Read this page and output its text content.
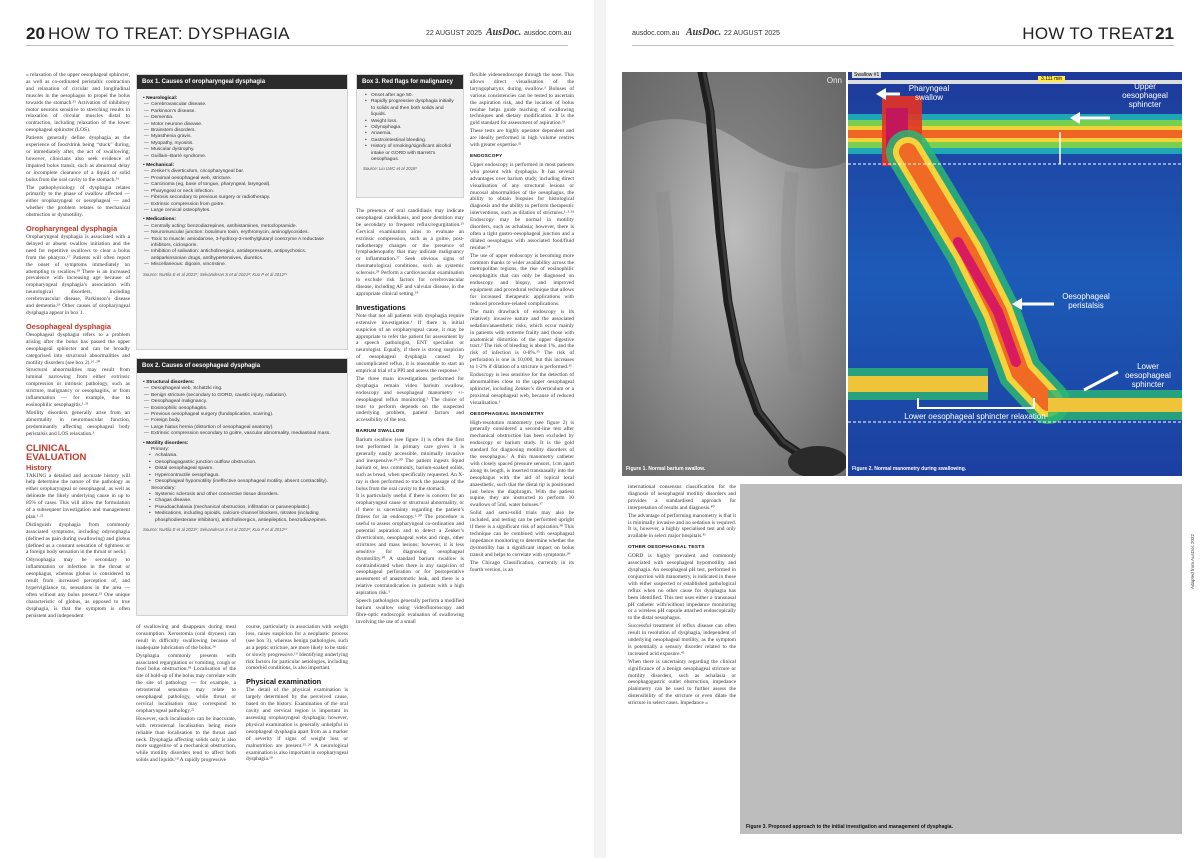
20 HOW TO TREAT: DYSPHAGIA	22 AUGUST 2025 AusDoc. ausdoc.com.au

« relaxation of the upper oesophageal sphincter, as well as co-ordinated peristaltic contraction and relaxation of circular and longitudinal muscles in the oesophagus to propel the bolus towards the stomach.¹⁵ Activation of inhibitory motor neurons sensitive to stretching results in relaxation of circular muscles distal to contraction, including relaxation of the lower oesophageal sphincter (LOS).

Patients generally define dysphagia as the experience of food/drink being “stuck” during, or immediately after, the act of swallowing; however, clinicians also seek evidence of impaired bolus transit, such as abnormal delay or incomplete clearance of a liquid or solid bolus from the oral cavity to the stomach.¹⁶

The pathophysiology of dysphagia relates primarily to the phase of swallow affected — either oropharyngeal or oesophageal — and whether the problem relates to mechanical obstruction or dysmotility.

Oropharyngeal dysphagia

Oropharyngeal dysphagia is associated with a delayed or absent swallow initiation and the need for repetitive swallows to clear a bolus from the pharynx.¹⁷ Patients will often report the onset of symptoms immediately on attempting to swallow.¹⁸ There is an increased prevalence with increasing age because of oropharyngeal dysphagia’s association with neurological disorders, including cerebrovascular disease, Parkinson’s disease and dementia.¹⁹ Other causes of oropharyngeal dysphagia appear in box 1.

Oesophageal dysphagia

Oesophageal dysphagia refers to a problem arising after the bolus has passed the upper oesophageal sphincter and can be broadly categorised into structural abnormalities and motility disorders (see box 2).¹⁶·²⁰

Structural abnormalities may result from luminal narrowing from either extrinsic compression or intrinsic pathology, such as stricture, malignancy or oesophagitis, or from inflammation — for example, due to eosinophilic oesophagitis.¹·²¹

Motility disorders generally arise from an abnormality in neuromuscular function, predominantly affecting oesophageal body peristalsis and LOS relaxation.²

CLINICAL
EVALUATION
History

TAKING a detailed and accurate history will help determine the nature of the pathology as either oropharyngeal or oesophageal, as well as delineate the likely underlying cause in up to 85% of cases. This will allow the formulation of a subsequent investigation and management plan.¹·²²

Distinguish dysphagia from commonly associated symptoms, including odynophagia (defined as pain during swallowing) and globus (defined as a constant sensation of tightness or a foreign body sensation in the throat or neck).

Odynophagia may be secondary to inflammation or infection in the throat or oesophagus, whereas globus is considered to result from increased perception of, and hypervigilance to, sensations in the area — often without any bolus present.²³ One unique characteristic of globus, as opposed to true dysphagia, is that the symptom is often persistent and independent

Box 1. Causes of oropharyngeal dysphagia
• Neurological:
— Cerebrovascular disease.
— Parkinson’s disease.
— Dementia.
— Motor neurone disease.
— Brainstem disorders.
— Myasthenia gravis.
— Myopathy, myositis.
— Muscular dystrophy.
— Guillain–Barré syndrome.
• Mechanical:
— Zenker’s diverticulum, cricopharyngeal bar.
— Proximal oesophageal web, stricture.
— Carcinoma (eg, base of tongue, pharyngeal, laryngeal).
— Pharyngeal or neck infection.
— Fibrosis secondary to previous surgery or radiotherapy.
— Extrinsic compression from goitre.
— Large cervical osteophytes.
• Medications:
— Centrally acting: benzodiazepines, antihistamines, metoclopramide.
— Neuromuscular junction: botulinum toxin, erythromycin, aminoglycosides.
— Toxic to muscle: amiodarone, 3-hydroxy-3-methylglutaryl coenzyme A reductase inhibitors, ciclosporin.
— Inhibition of salivation: anticholinergics, antidepressants, antipsychotics, antiparkinsonian drugs, antihypertensives, diuretics.
— Miscellaneous: digoxin, vincristine.
Source: Nurtila E et al 2023⁹; Selvanderan S et al 2021⁸; Kuo P et al 2012¹⁹
Box 2. Causes of oesophageal dysphagia
• Structural disorders:
— Oesophageal web, Schatzki ring.
— Benign stricture (secondary to GORD, caustic injury, radiation).
— Oesophageal malignancy.
— Eosinophilic oesophagitis.
— Previous oesophageal surgery (fundoplication, scarring).
— Foreign body.
— Large hiatus hernia (distortion of oesophageal anatomy).
— Extrinsic compression secondary to goitre, vascular abnormality, mediastinal mass.
• Motility disorders:
Primary:
• Achalasia.
• Oesophagogastric junction outflow obstruction.
• Distal oesophageal spasm.
• Hypercontractile oesophagus.
• Oesophageal hypomotility (ineffective oesophageal motility, absent contractility).
Secondary:
• Systemic sclerosis and other connective tissue disorders.
• Chagas disease.
• Pseudoachalasia (mechanical obstruction, infiltration or paraneoplastic).
• Medications, including opioids, calcium-channel blockers, nitrates (including phosphodiesterase inhibitors), anticholinergics, antiepileptics, benzodiazepines.
Source: Nurtila E et al 2023⁹; Selvanderan S et al 2021⁸; Kuo P et al 2012¹⁹

of swallowing and disappears during meal consumption. Xerostomia (oral dryness) can result in difficulty swallowing because of inadequate lubrication of the bolus.²⁴

Dysphagia commonly presents with associated regurgitation or vomiting, cough or food bolus obstruction.¹⁸ Localisation of the site of hold-up of the bolus may correlate with the site of pathology — for example, a retrosternal sensation may relate to oesophageal pathology, while throat or cervical localisation may correspond to oropharyngeal pathology.²²

However, such localisation can be inaccurate, with retrosternal localisation being more reliable than localisation to the throat and neck. Dysphagia affecting solids only is also more suggestive of a mechanical obstruction, while motility disorders tend to affect both solids and liquids.¹⁸ A rapidly progressive

course, particularly in association with weight loss, raises suspicion for a neoplastic process (see box 3). whereas benign pathologies, such as a peptic stricture, are more likely to be static or slowly progressive.¹⁶ Identifying underlying risk factors for particular aetiologies, including comorbid conditions, is also important.

Physical examination

The detail of the physical examination is largely determined by the perceived cause, based on the history. Examination of the oral cavity and cervical region is important in assessing oropharyngeal dysphagia; however, physical examination is generally unhelpful in oesophageal dysphagia apart from as a marker of severity if signs of weight loss or malnutrition are present.²⁵·²⁶ A neurological examination is also important in oropharyngeal dysphagia.¹⁸

Box 3. Red flags for malignancy
• Onset after age 50.
• Rapidly progressive dysphagia initially to solids and then both solids and liquids.
• Weight loss.
• Odynophagia.
• Anaemia.
• Gastrointestinal bleeding.
• History of smoking/significant alcohol intake or GORD with Barrett’s oesophagus.
Source: Liu LWC et al 2018³

The presence of oral candidiasis may indicate oesophageal candidiasis, and poor dentition may be secondary to frequent reflux/regurgitation.²⁵ Cervical examination aims to evaluate an extrinsic compression, such as a goitre, post-radiotherapy changes or the presence of lymphadenopathy that may indicate malignancy or inflammation.²⁷ Seek obvious signs of rheumatological conditions, such as systemic sclerosis.²⁸ Perform a cardiovascular examination to exclude risk factors for cerebrovascular disease, including AF and valvular disease, in the appropriate clinical setting.¹⁸

Investigations

Note that not all patients with dysphagia require extensive investigation.¹ If there is initial suspicion of an oropharyngeal cause, it may be appropriate to refer the patient for assessment by a speech pathologist, ENT specialist or neurologist. Equally, if there is strong suspicion of oesophageal dysphagia caused by uncomplicated reflux, it is reasonable to start an empirical trial of a PPI and assess the response.¹

The three main investigations performed for dysphagia remain video barium swallow, endoscopy and oesophageal manometry +/- oesophageal reflux monitoring.¹ The choice of tests to perform depends on the suspected underlying problem, patient factors and accessibility of the test.

BARIUM SWALLOW

Barium swallow (see figure 1) is often the first test performed in primary care given it is generally easily accessible, minimally invasive and inexpensive.²⁹·³⁰ The patient ingests liquid barium or, less commonly, barium-soaked solids, such as bread, when specifically requested. An X-ray is then performed to track the passage of the bolus from the oral cavity to the stomach.

It is particularly useful if there is concern for an oropharyngeal cause or structural abnormality, or if there is uncertainty regarding the patient’s fitness for an endoscopy.¹·³⁰ The procedure is useful to assess oropharyngeal co-ordination and potential aspiration and to detect a Zenker’s diverticulum, oesophageal webs and rings, other strictures and mass lesions; however, it is less sensitive for diagnosing oesophageal dysmotility.³⁰ A standard barium swallow is contraindicated when there is any suspicion of oesophageal perforation or for postoperative assessment of anastomotic leak, and there is a relative contraindication in patients with a high aspiration risk.³

Speech pathologists generally perform a modified barium swallow using videofluoroscopy and fibre-optic endoscopic evaluation of swallowing involving the use of a small

flexible videoendoscope through the nose. This allows direct visualisation of the laryngopharynx during swallow.³ Boluses of various consistencies can be tested to ascertain the aspiration risk, and the location of bolus residue helps guide teaching of swallowing techniques and dietary modification. It is the gold standard for assessment of aspiration.³¹

These tests are highly operator dependent and are ideally performed in high volume centres with greater expertise.³²

ENDOSCOPY

Upper endoscopy is performed in most patients who present with dysphagia. It has several advantages over barium study, including direct visualisation of any structural lesions or mucosal abnormalities of the oesophagus, the ability to obtain biopsies for histological diagnosis and the ability to perform therapeutic interventions, such as dilation of strictures.¹·³·³³ Endoscopy may be normal in motility disorders, such as achalasia; however, there is often a tight gastro-oesophageal junction and a dilated oesophagus with associated food/fluid residue.³⁴

The use of upper endoscopy is becoming more common thanks to wider availability across the metropolitan regions, the rise of eosinophilic oesophagitis that can only be diagnosed on endoscopy and biopsy, and improved equipment and procedural technique that allows for increased therapeutic applications with reduced procedure-related complications.

The main drawback of endoscopy is its relatively invasive nature and the associated sedation/anaesthetic risks, which occur mainly in patients with extreme frailty and those with anatomical distortion of the upper digestive tract.³ The risk of bleeding is about 1%, and the risk of infection is 0-8%.³⁵ The risk of perforation is one in 10,000, but this increases to 1-2% if dilation of a stricture is performed.³⁶

Endoscopy is less sensitive for the detection of abnormalities close to the upper oesophageal sphincter, including Zenker’s diverticulum or a proximal oesophageal web, because of reduced visualisation.³

OESOPHAGEAL MANOMETRY

High-resolution manometry (see figure 2) is generally considered a second-line test after mechanical obstruction has been excluded by endoscopy or barium study. It is the gold standard for diagnosing motility disorders of the oesophagus.² A thin manometry catheter with closely spaced pressure sensors, 1cm apart along its length, is inserted transnasally into the oesophagus with the aid of topical local anaesthetic, such that the distal tip is positioned just below the diaphragm. With the patient supine, they are instructed to perform 10 swallows of 5mL water boluses.³⁷

Solid and semi-solid trials may also be included, and testing can be performed upright if there is a significant risk of aspiration.³⁸ This technique can be combined with oesophageal impedance monitoring to determine whether the dysmotility has a significant impact on bolus transit and helps to correlate with symptoms.³⁹

The Chicago Classification, currently in its fourth version, is an

ausdoc.com.au AusDoc. 22 AUGUST 2025	HOW TO TREAT 21
Onn
Figure 1. Normal barium swallow.
Swallow #1
3.111 min
Pharyngeal swallow
Upper oesophageal sphincter
Oesophageal peristalsis
Lower oesophageal sphincter
Lower oesophageal sphincter relaxation
Figure 2. Normal manometry during swallowing.

international consensus classification for the diagnosis of oesophageal motility disorders and provides a standardised approach for interpretation of results and diagnosis.⁴⁰

The advantage of performing manometry is that it is minimally invasive and no sedation is required. It is, however, a highly specialised test and only available in select major hospitals.⁴¹

OTHER OESOPHAGEAL TESTS

GORD is highly prevalent and commonly associated with oesophageal hypomotility and dysphagia. An oesophageal pH test, performed in conjunction with manometry, is indicated in those with either suspected or established pathological reflux when no other cause for dysphagia has been identified. This test uses either a transnasal pH catheter with/without impedance monitoring or a wireless pH capsule attached endoscopically to the distal oesophagus.

Successful treatment of reflux disease can often result in resolution of dysphagia, independent of underlying oesophageal motility, as the symptom is potentially a sensory disorder related to the increased acid exposure.⁴²

When there is uncertainty regarding the clinical significance of a benign oesophageal stricture or motility disorders, such as achalasia or oesophagogastric outlet obstruction, impedance planimetry can be used to further assess the distensibility of the stricture or even dilate the stricture in select cases. Impedance »

Adapted from AusDoc 2022
Figure 3. Proposed approach to the initial investigation and management of dysphagia.
